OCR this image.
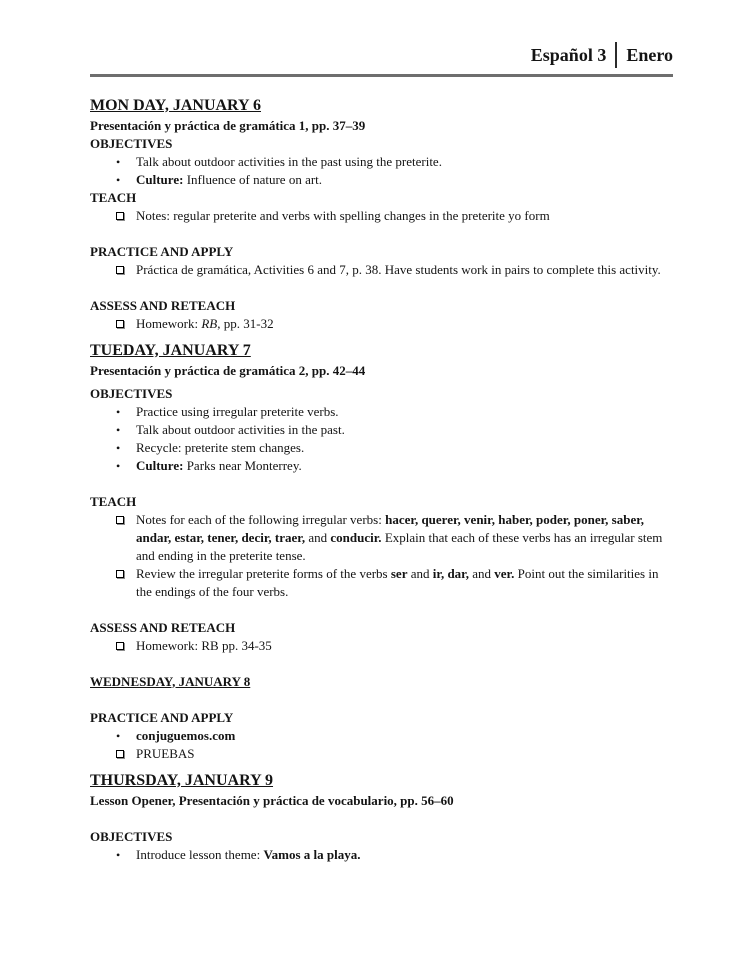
Español 3	Enero
MON DAY, JANUARY 6
Presentación y práctica de gramática 1, pp. 37–39
OBJECTIVES
•	Talk about outdoor activities in the past using the preterite.
•	Culture: Influence of nature on art.
TEACH
Notes: regular preterite and verbs with spelling changes in the preterite yo form
PRACTICE AND APPLY
Práctica de gramática, Activities 6 and 7, p. 38. Have students work in pairs to complete this activity.
ASSESS AND RETEACH
Homework: RB, pp. 31-32
TUEDAY, JANUARY 7
Presentación y práctica de gramática 2, pp. 42–44
OBJECTIVES
•	Practice using irregular preterite verbs.
•	Talk about outdoor activities in the past.
•	Recycle: preterite stem changes.
•	Culture: Parks near Monterrey.
TEACH
Notes for each of the following irregular verbs: hacer, querer, venir, haber, poder, poner, saber, andar, estar, tener, decir, traer, and conducir. Explain that each of these verbs has an irregular stem and ending in the preterite tense.
Review the irregular preterite forms of the verbs ser and ir, dar, and ver. Point out the similarities in the endings of the four verbs.
ASSESS AND RETEACH
Homework: RB pp. 34-35
WEDNESDAY, JANUARY 8
PRACTICE AND APPLY
•	conjuguemos.com
PRUEBAS
THURSDAY, JANUARY 9
Lesson Opener, Presentación y práctica de vocabulario, pp. 56–60
OBJECTIVES
•	Introduce lesson theme: Vamos a la playa.
